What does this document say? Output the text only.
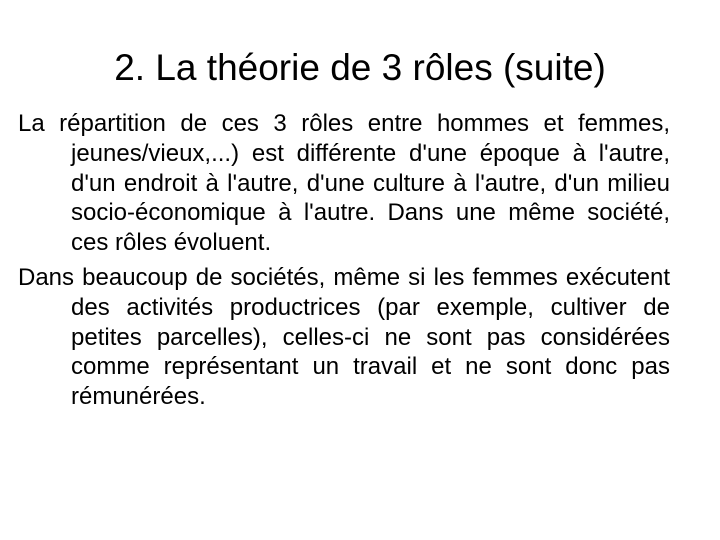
2. La théorie de 3 rôles (suite)

La répartition de ces 3 rôles entre hommes et femmes, jeunes/vieux,...) est différente d'une époque à l'autre, d'un endroit à l'autre, d'une culture à l'autre, d'un milieu socio-économique à l'autre. Dans une même société, ces rôles évoluent.

Dans beaucoup de sociétés, même si les femmes exécutent des activités productrices (par exemple, cultiver de petites parcelles), celles-ci ne sont pas considérées comme représentant un travail et ne sont donc pas rémunérées.
